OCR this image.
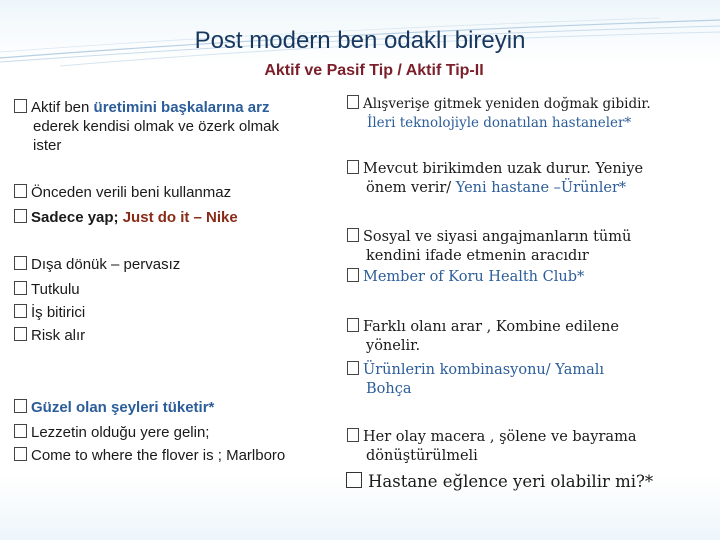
Post modern ben odaklı bireyin
Aktif ve Pasif Tip / Aktif Tip-II
Aktif ben üretimini başkalarına arz
ederek kendisi olmak ve özerk olmak
ister
Önceden verili beni kullanmaz
Sadece yap; Just do it – Nike
Dışa dönük – pervasız
Tutkulu
İş bitirici
Risk alır
Güzel olan şeyleri tüketir*
Lezzetin olduğu yere gelin;
Come to where the flover is ; Marlboro
Alışverişe gitmek yeniden doğmak gibidir.
İleri teknolojiyle donatılan hastaneler*
Mevcut birikimden uzak durur. Yeniye
önem verir/ Yeni hastane –Ürünler*
Sosyal ve siyasi angajmanların tümü
kendini ifade etmenin aracıdır
Member of Koru Health Club*
Farklı olanı arar , Kombine edilene
yönelir.
Ürünlerin kombinasyonu/ Yamalı
Bohça
Her olay macera , şölene ve bayrama
dönüştürülmeli
Hastane eğlence yeri olabilir mi?*
